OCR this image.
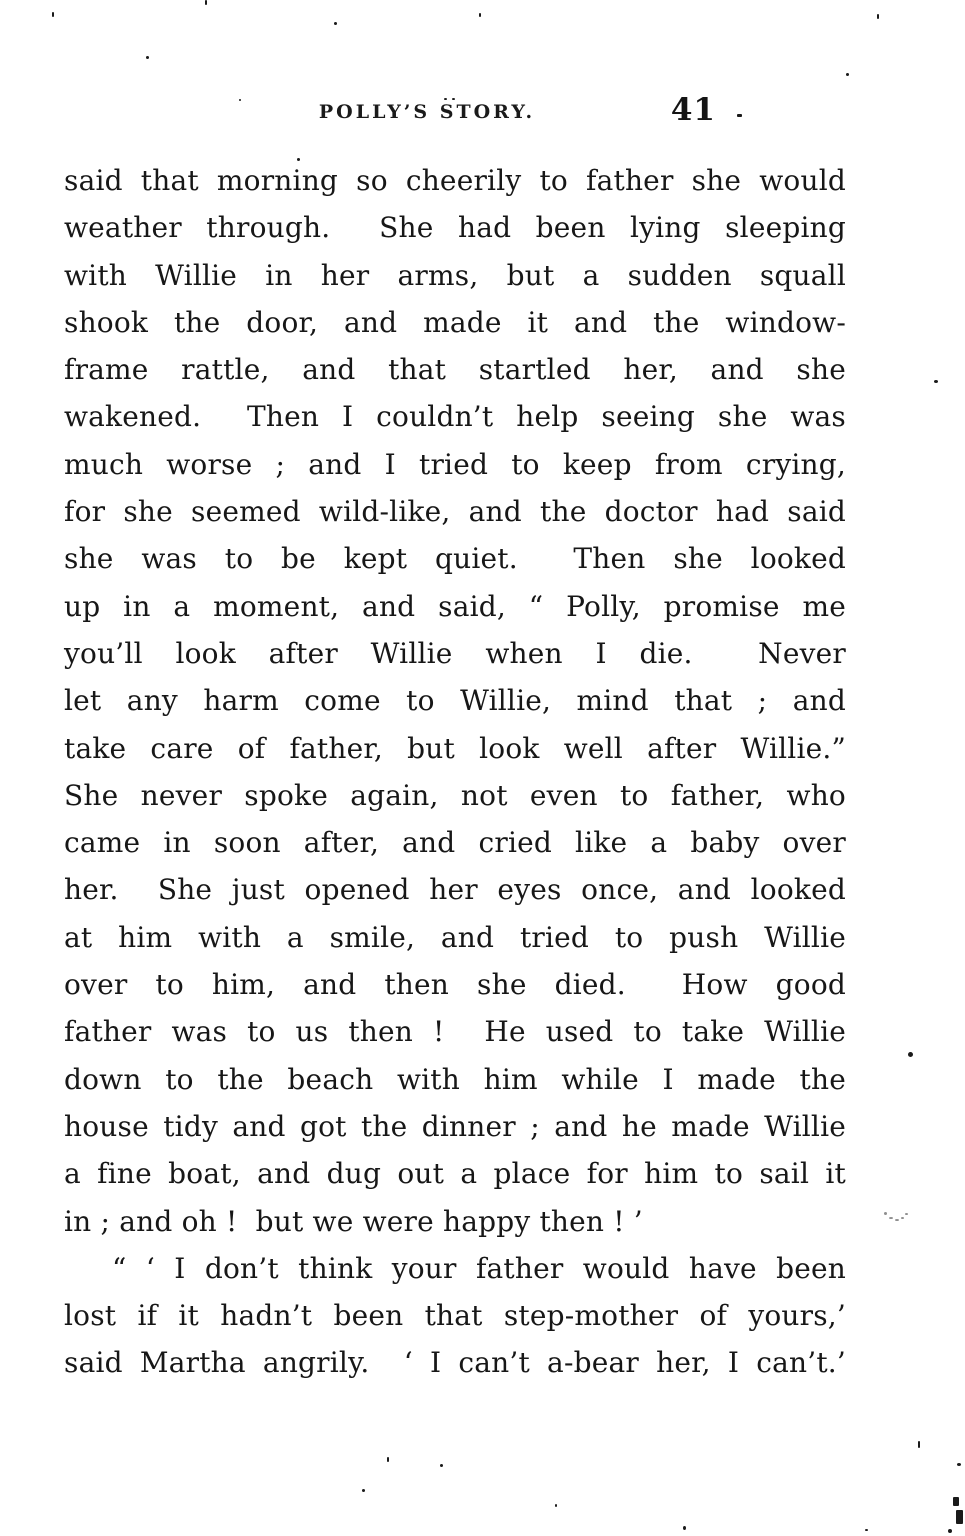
POLLY’S STORY.	41

said that morning so cheerily to father she would

weather through.  She had been lying sleeping

with Willie in her arms, but a sudden squall

shook the door, and made it and the window-

frame rattle, and that startled her, and she

wakened.  Then I couldn’t help seeing she was

much worse ; and I tried to keep from crying,

for she seemed wild-like, and the doctor had said

she was to be kept quiet.  Then she looked

up in a moment, and said, “ Polly, promise me

you’ll look after Willie when I die.  Never

let any harm come to Willie, mind that ; and

take care of father, but look well after Willie.”

She never spoke again, not even to father, who

came in soon after, and cried like a baby over

her.  She just opened her eyes once, and looked

at him with a smile, and tried to push Willie

over to him, and then she died.  How good

father was to us then !  He used to take Willie

down to the beach with him while I made the

house tidy and got the dinner ; and he made Willie

a fine boat, and dug out a place for him to sail it

in ; and oh !  but we were happy then ! ’

“ ‘ I don’t think your father would have been

lost if it hadn’t been that step-mother of yours,’

said Martha angrily.  ‘ I can’t a-bear her, I can’t.’
